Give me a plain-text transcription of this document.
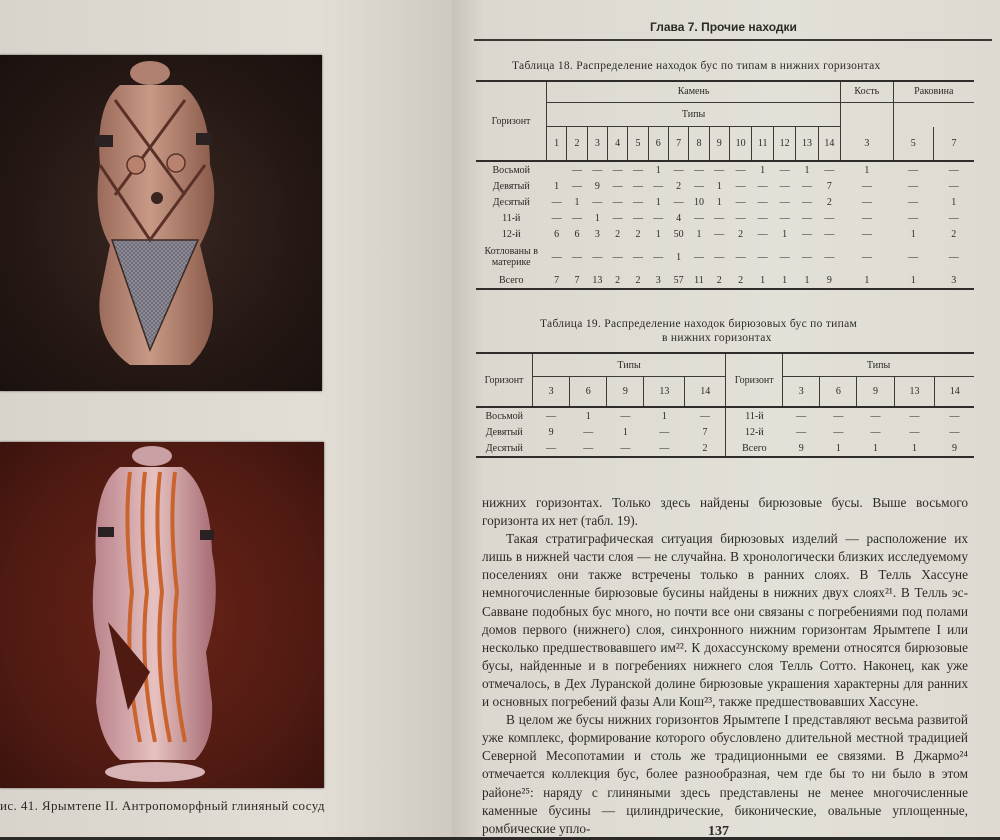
ис. 41. Ярымтепе II. Антропоморфный глиняный сосуд
Глава 7. Прочие находки
Таблица 18. Распределение находок бус по типам в нижних горизонтах
Горизонт	Камень														Кость	Раковина	
	Типы																
	1	2	3	4	5	6	7	8	9	10	11	12	13	14	3	5	7
Восьмой		—	—	—	—	1	—	—	—	—	1	—	1	—	1	—	—
Девятый	1	—	9	—	—	—	2	—	1	—	—	—	—	7	—	—	—
Десятый	—	1	—	—	—	1	—	10	1	—	—	—	—	2	—	—	1
11-й	—	—	1	—	—	—	4	—	—	—	—	—	—	—	—	—	—
12-й	6	6	3	2	2	1	50	1	—	2	—	1	—	—	—	1	2
Котлованы в материке	—	—	—	—	—	—	1	—	—	—	—	—	—	—	—	—	—
Всего	7	7	13	2	2	3	57	11	2	2	1	1	1	9	1	1	3
Таблица 19. Распределение находок бирюзовых бус по типам
в нижних горизонтах
Горизонт	Типы					Горизонт	Типы				
	3	6	9	13	14		3	6	9	13	14
Восьмой	—	1	—	1	—	11-й	—	—	—	—	—
Девятый	9	—	1	—	7	12-й	—	—	—	—	—
Десятый	—	—	—	—	2	Всего	9	1	1	1	9

нижних горизонтах. Только здесь найдены бирюзовые бусы. Выше восьмого горизонта их нет (табл. 19).

Такая стратиграфическая ситуация бирюзовых изделий — расположение их лишь в нижней части слоя — не случайна. В хронологически близких исследуемому поселениях они также встречены только в ранних слоях. В Телль Хассуне немногочисленные бирюзовые бусины найдены в нижних двух слоях²¹. В Телль эс-Савване подобных бус много, но почти все они связаны с погребениями под полами домов первого (нижнего) слоя, синхронного нижним горизонтам Ярымтепе I или несколько предшествовавшего им²². К дохассунскому времени относятся бирюзовые бусы, найденные и в погребениях нижнего слоя Телль Сотто. Наконец, как уже отмечалось, в Дех Луранской долине бирюзовые украшения характерны для ранних и основных погребений фазы Али Кош²³, также предшествовавших Хассуне.

В целом же бусы нижних горизонтов Ярымтепе I представляют весьма развитой уже комплекс, формирование которого обусловлено длительной местной традицией Северной Месопотамии и столь же традиционными ее связями. В Джармо²⁴ отмечается коллекция бус, более разнообразная, чем где бы то ни было в этом районе²⁵: наряду с глиняными здесь представлены не менее многочисленные каменные бусины — цилиндрические, биконические, овальные уплощенные, ромбические упло-	137
